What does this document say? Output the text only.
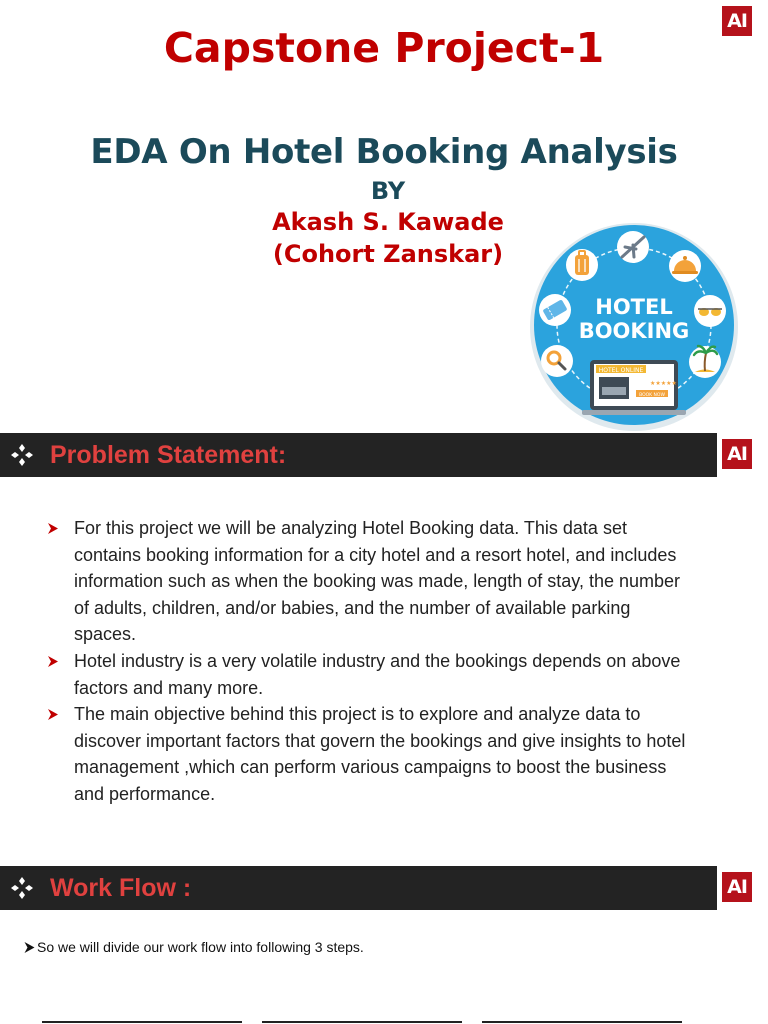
AI
Capstone Project-1
EDA On Hotel Booking Analysis
BY
Akash S. Kawade
(Cohort Zanskar)
HOTEL
BOOKING
HOTEL ONLINE
★★★★★
BOOK NOW
Problem Statement:	AI
For this project we will be analyzing Hotel Booking data. This data set contains booking information for a city hotel and a resort hotel, and includes information such as when the booking was made, length of stay, the number of adults, children, and/or babies, and the number of available parking spaces.
Hotel industry is a very volatile industry and the bookings depends on above factors and many more.
The main objective behind this project is to explore and analyze data to discover important factors that govern the bookings and give insights to hotel management ,which can perform various campaigns to boost the business and performance.
Work Flow :	AI
So we will divide our work flow into following 3 steps.
